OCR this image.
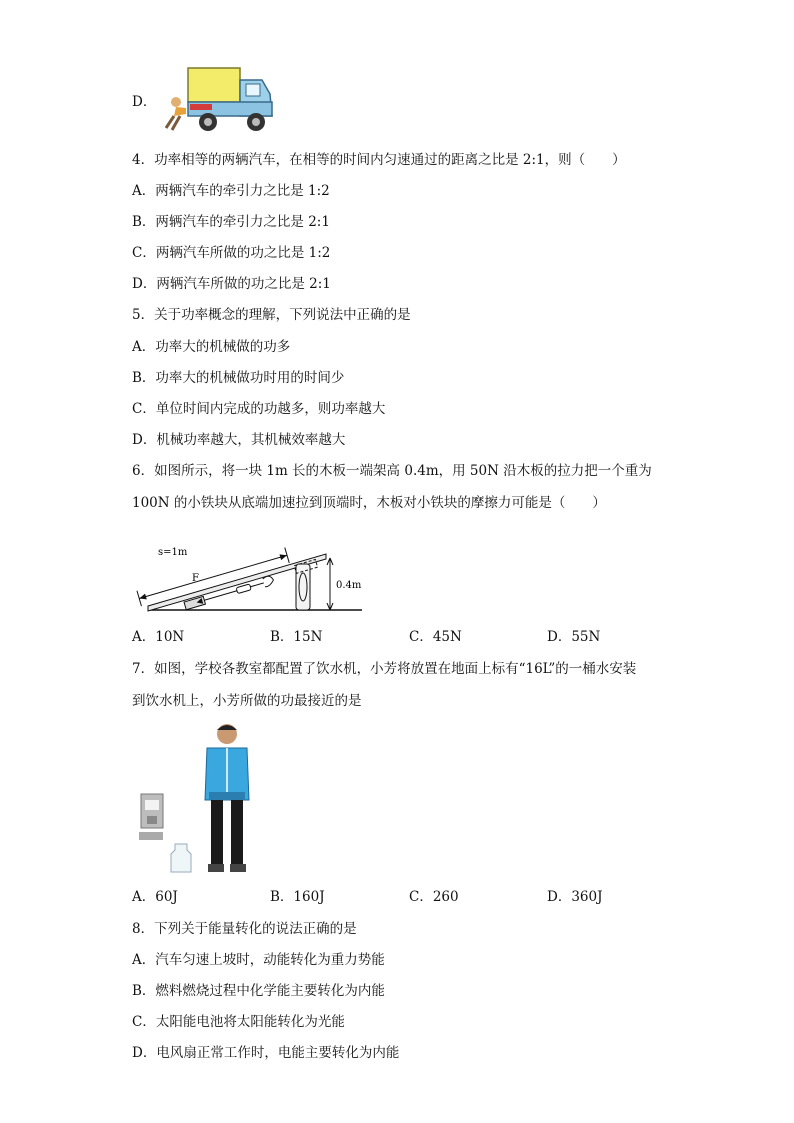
D．
4．功率相等的两辆汽车，在相等的时间内匀速通过的距离之比是 2:1，则（　　）
A．两辆汽车的牵引力之比是 1:2
B．两辆汽车的牵引力之比是 2:1
C．两辆汽车所做的功之比是 1:2
D．两辆汽车所做的功之比是 2:1
5．关于功率概念的理解，下列说法中正确的是
A．功率大的机械做的功多
B．功率大的机械做功时用的时间少
C．单位时间内完成的功越多，则功率越大
D．机械功率越大，其机械效率越大
6．如图所示，将一块 1m 长的木板一端架高 0.4m，用 50N 沿木板的拉力把一个重为
100N 的小铁块从底端加速拉到顶端时，木板对小铁块的摩擦力可能是（　　）
0.4m
s=1m
F
A．10N	B．15N	C．45N	D．55N
7．如图，学校各教室都配置了饮水机，小芳将放置在地面上标有“16L”的一桶水安装
到饮水机上，小芳所做的功最接近的是
A．60J	B．160J	C．260	D．360J
8．下列关于能量转化的说法正确的是
A．汽车匀速上坡时，动能转化为重力势能
B．燃料燃烧过程中化学能主要转化为内能
C．太阳能电池将太阳能转化为光能
D．电风扇正常工作时，电能主要转化为内能
